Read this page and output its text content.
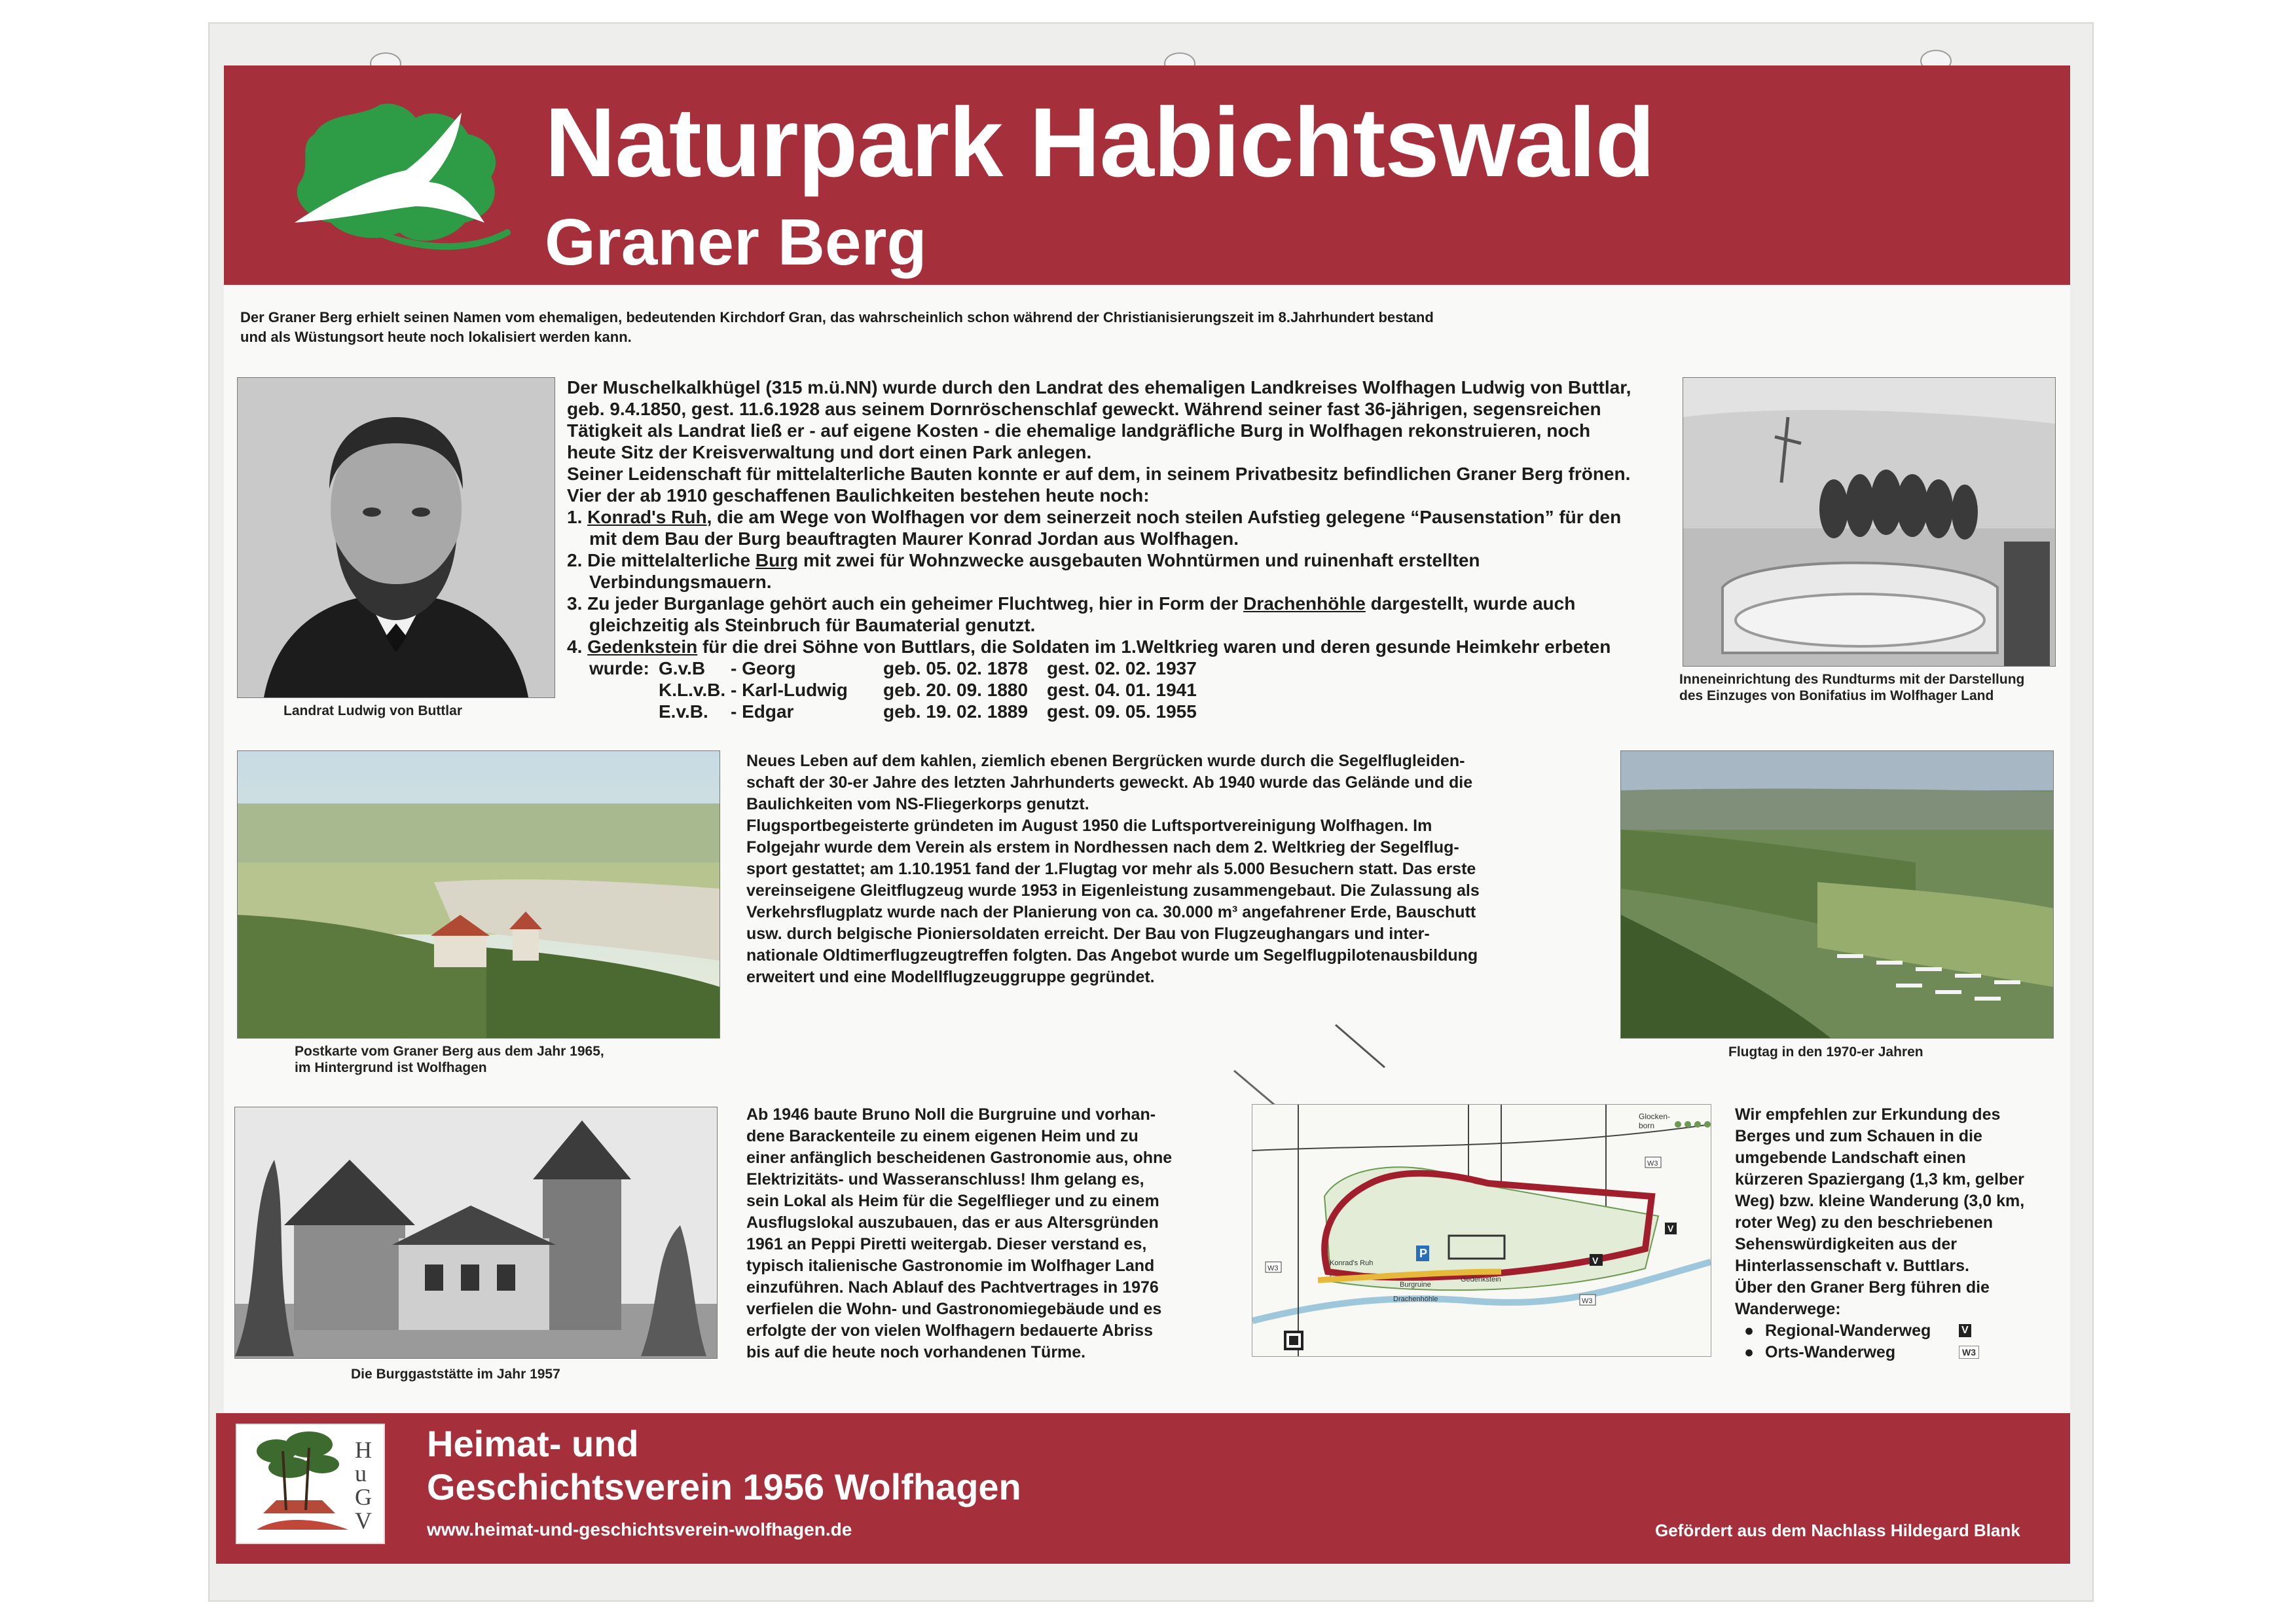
Naturpark Habichtswald
Graner Berg
Der Graner Berg erhielt seinen Namen vom ehemaligen, bedeutenden Kirchdorf Gran, das wahrscheinlich schon während der Christianisierungszeit im 8.Jahrhundert bestand
und als Wüstungsort heute noch lokalisiert werden kann.
Landrat Ludwig von Buttlar
Der Muschelkalkhügel (315 m.ü.NN) wurde durch den Landrat des ehemaligen Landkreises Wolfhagen Ludwig von Buttlar,
geb. 9.4.1850, gest. 11.6.1928 aus seinem Dornröschenschlaf geweckt. Während seiner fast 36-jährigen, segensreichen
Tätigkeit als Landrat ließ er - auf eigene Kosten - die ehemalige landgräfliche Burg in Wolfhagen rekonstruieren, noch
heute Sitz der Kreisverwaltung und dort einen Park anlegen.
Seiner Leidenschaft für mittelalterliche Bauten konnte er auf dem, in seinem Privatbesitz befindlichen Graner Berg frönen.
Vier der ab 1910 geschaffenen Baulichkeiten bestehen heute noch:
1. Konrad's Ruh, die am Wege von Wolfhagen vor dem seinerzeit noch steilen Aufstieg gelegene “Pausenstation” für den
mit dem Bau der Burg beauftragten Maurer Konrad Jordan aus Wolfhagen.
2. Die mittelalterliche Burg mit zwei für Wohnzwecke ausgebauten Wohntürmen und ruinenhaft erstellten
Verbindungsmauern.
3. Zu jeder Burganlage gehört auch ein geheimer Fluchtweg, hier in Form der Drachenhöhle dargestellt, wurde auch
gleichzeitig als Steinbruch für Baumaterial genutzt.
4. Gedenkstein für die drei Söhne von Buttlars, die Soldaten im 1.Weltkrieg waren und deren gesunde Heimkehr erbeten
wurde: G.v.B - Georg	geb. 05. 02. 1878 gest. 02. 02. 1937
K.L.v.B. - Karl-Ludwig geb. 20. 09. 1880 gest. 04. 01. 1941
E.v.B. - Edgar	geb. 19. 02. 1889 gest. 09. 05. 1955
Inneneinrichtung des Rundturms mit der Darstellung
des Einzuges von Bonifatius im Wolfhager Land
Postkarte vom Graner Berg aus dem Jahr 1965,
im Hintergrund ist Wolfhagen
Neues Leben auf dem kahlen, ziemlich ebenen Bergrücken wurde durch die Segelflugleiden-
schaft der 30-er Jahre des letzten Jahrhunderts geweckt. Ab 1940 wurde das Gelände und die
Baulichkeiten vom NS-Fliegerkorps genutzt.
Flugsportbegeisterte gründeten im August 1950 die Luftsportvereinigung Wolfhagen. Im
Folgejahr wurde dem Verein als erstem in Nordhessen nach dem 2. Weltkrieg der Segelflug-
sport gestattet; am 1.10.1951 fand der 1.Flugtag vor mehr als 5.000 Besuchern statt. Das erste
vereinseigene Gleitflugzeug wurde 1953 in Eigenleistung zusammengebaut. Die Zulassung als
Verkehrsflugplatz wurde nach der Planierung von ca. 30.000 m³ angefahrener Erde, Bauschutt
usw. durch belgische Pioniersoldaten erreicht. Der Bau von Flugzeughangars und inter-
nationale Oldtimerflugzeugtreffen folgten. Das Angebot wurde um Segelflugpilotenausbildung
erweitert und eine Modellflugzeuggruppe gegründet.
Flugtag in den 1970-er Jahren
Die Burggaststätte im Jahr 1957
Ab 1946 baute Bruno Noll die Burgruine und vorhan-
dene Barackenteile zu einem eigenen Heim und zu
einer anfänglich bescheidenen Gastronomie aus, ohne
Elektrizitäts- und Wasseranschluss! Ihm gelang es,
sein Lokal als Heim für die Segelflieger und zu einem
Ausflugslokal auszubauen, das er aus Altersgründen
1961 an Peppi Piretti weitergab. Dieser verstand es,
typisch italienische Gastronomie im Wolfhager Land
einzuführen. Nach Ablauf des Pachtvertrages in 1976
verfielen die Wohn- und Gastronomiegebäude und es
erfolgte der von vielen Wolfhagern bedauerte Abriss
bis auf die heute noch vorhandenen Türme.
P
V
V
Glocken-
born
Konrad's Ruh
Burgruine
Drachenhöhle
Gedenkstein
W3
W3
W3
Wir empfehlen zur Erkundung des
Berges und zum Schauen in die
umgebende Landschaft einen
kürzeren Spaziergang (1,3 km, gelber
Weg) bzw. kleine Wanderung (3,0 km,
roter Weg) zu den beschriebenen
Sehenswürdigkeiten aus der
Hinterlassenschaft v. Buttlars.
Über den Graner Berg führen die
Wanderwege:
● Regional-Wanderweg	V
● Orts-Wanderweg	W3
H
u
G
V
Heimat- und
Geschichtsverein 1956 Wolfhagen
www.heimat-und-geschichtsverein-wolfhagen.de	Gefördert aus dem Nachlass Hildegard Blank
